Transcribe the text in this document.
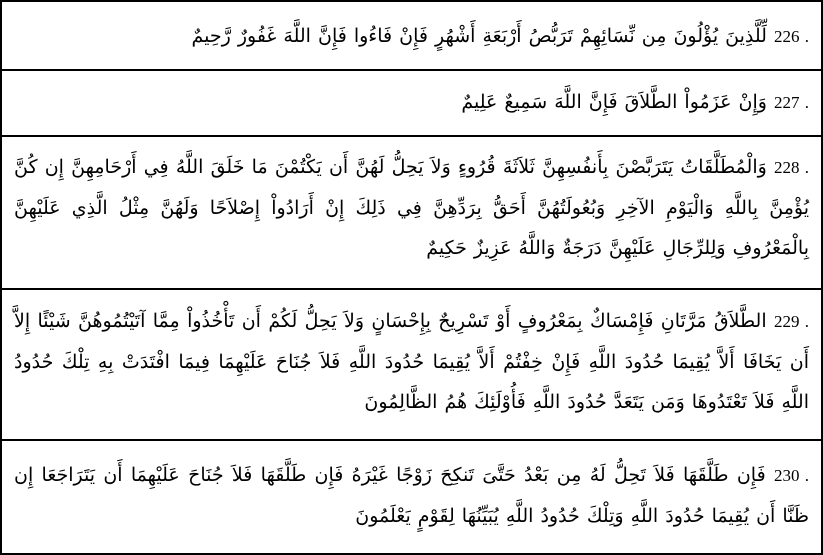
226 . لِّلَّذِينَ يُؤْلُونَ مِن نِّسَائِهِمْ تَرَبُّصُ أَرْبَعَةِ أَشْهُرٍ فَإِنْ فَاءُوا فَإِنَّ اللَّهَ غَفُورٌ رَّحِيمٌ
227 . وَإِنْ عَزَمُواْ الطَّلاَقَ فَإِنَّ اللَّهَ سَمِيعٌ عَلِيمٌ
228 . وَالْمُطَلَّقَاتُ يَتَرَبَّصْنَ بِأَنفُسِهِنَّ ثَلاَثَةَ قُرُوءٍ وَلاَ يَحِلُّ لَهُنَّ أَن يَكْتُمْنَ مَا خَلَقَ اللَّهُ فِي أَرْحَامِهِنَّ إِن كُنَّ يُؤْمِنَّ بِاللَّهِ وَالْيَوْمِ الآخِرِ وَبُعُولَتُهُنَّ أَحَقُّ بِرَدِّهِنَّ فِي ذَلِكَ إِنْ أَرَادُواْ إِصْلاَحًا وَلَهُنَّ مِثْلُ الَّذِي عَلَيْهِنَّ بِالْمَعْرُوفِ وَلِلرِّجَالِ عَلَيْهِنَّ دَرَجَةٌ وَاللَّهُ عَزِيزٌ حَكِيمٌ
229 . الطَّلاَقُ مَرَّتَانِ فَإِمْسَاكٌ بِمَعْرُوفٍ أَوْ تَسْرِيحٌ بِإِحْسَانٍ وَلاَ يَحِلُّ لَكُمْ أَن تَأْخُذُواْ مِمَّا آتَيْتُمُوهُنَّ شَيْئًا إِلاَّ أَن يَخَافَا أَلاَّ يُقِيمَا حُدُودَ اللَّهِ فَإِنْ خِفْتُمْ أَلاَّ يُقِيمَا حُدُودَ اللَّهِ فَلاَ جُنَاحَ عَلَيْهِمَا فِيمَا افْتَدَتْ بِهِ تِلْكَ حُدُودُ اللَّهِ فَلاَ تَعْتَدُوهَا وَمَن يَتَعَدَّ حُدُودَ اللَّهِ فَأُوْلَئِكَ هُمُ الظَّالِمُونَ
230 . فَإِن طَلَّقَهَا فَلاَ تَحِلُّ لَهُ مِن بَعْدُ حَتَّىَ تَنكِحَ زَوْجًا غَيْرَهُ فَإِن طَلَّقَهَا فَلاَ جُنَاحَ عَلَيْهِمَا أَن يَتَرَاجَعَا إِن ظَنَّا أَن يُقِيمَا حُدُودَ اللَّهِ وَتِلْكَ حُدُودُ اللَّهِ يُبَيِّنُهَا لِقَوْمٍ يَعْلَمُونَ
